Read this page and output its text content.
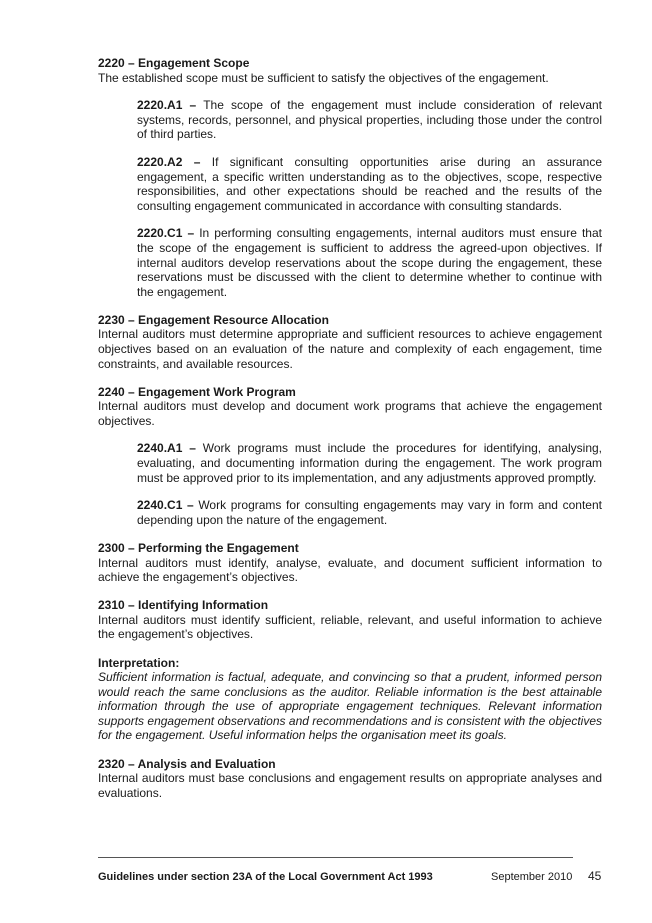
2220 – Engagement Scope

The established scope must be sufficient to satisfy the objectives of the engagement.

2220.A1 – The scope of the engagement must include consideration of relevant systems, records, personnel, and physical properties, including those under the control of third parties.

2220.A2 – If significant consulting opportunities arise during an assurance engagement, a specific written understanding as to the objectives, scope, respective responsibilities, and other expectations should be reached and the results of the consulting engagement communicated in accordance with consulting standards.

2220.C1 – In performing consulting engagements, internal auditors must ensure that the scope of the engagement is sufficient to address the agreed-upon objectives. If internal auditors develop reservations about the scope during the engagement, these reservations must be discussed with the client to determine whether to continue with the engagement.

2230 – Engagement Resource Allocation

Internal auditors must determine appropriate and sufficient resources to achieve engagement objectives based on an evaluation of the nature and complexity of each engagement, time constraints, and available resources.

2240 – Engagement Work Program

Internal auditors must develop and document work programs that achieve the engagement objectives.

2240.A1 – Work programs must include the procedures for identifying, analysing, evaluating, and documenting information during the engagement. The work program must be approved prior to its implementation, and any adjustments approved promptly.

2240.C1 – Work programs for consulting engagements may vary in form and content depending upon the nature of the engagement.

2300 – Performing the Engagement

Internal auditors must identify, analyse, evaluate, and document sufficient information to achieve the engagement’s objectives.

2310 – Identifying Information

Internal auditors must identify sufficient, reliable, relevant, and useful information to achieve the engagement’s objectives.

Interpretation:

Sufficient information is factual, adequate, and convincing so that a prudent, informed person would reach the same conclusions as the auditor. Reliable information is the best attainable information through the use of appropriate engagement techniques. Relevant information supports engagement observations and recommendations and is consistent with the objectives for the engagement. Useful information helps the organisation meet its goals.

2320 – Analysis and Evaluation

Internal auditors must base conclusions and engagement results on appropriate analyses and evaluations.

Guidelines under section 23A of the Local Government Act 1993	September 2010 45
